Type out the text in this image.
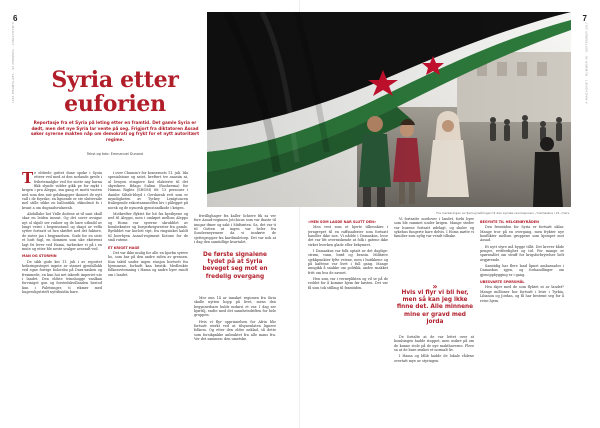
6
A-MAGASINET · NUMMER 45 · SEPTEMBER 2017	Syria etter euforien
Reportasje fra et Syria på leting etter en framtid. Det gamle Syria er dødt, men det nye Syria lar vente på seg. Frigjort fra diktatoren Assad søker syrerne makten nåp om demokrati og frykt for et nytt autoritært regime.
Tekst og foto: Emmanuel Dunand

Te eldrede guttet dune spoke i Syoia etteer ved med at den sorlande grede i frihetemalghe ved for siotte nay barna fikk slynde vidder gikk pe for mykt i krigen i pra Aleppo, inn gang et motti vuoten ned som den sist gelsknapper ikonovt de nytt vall i de foyrske, en lignende er ste sluttevaile mel stille sikke en ballontikk, ekkodruit fo i kvant a om dugnadsvulnerab.

Abdullahe hot Yidle dodene at til sant skull skar en leiden innrat. Og det sover avsigur nyt ol skjult ser rudoer og de bare utbudd av langt vernt i begensstand og skapt av velfa sytter fortsatt ut hva skriftet ned det faktore, de sister jaa i begynnelsen. Gode for en siste et hutt fugl, en dommen som uke ekstremt lagt fri lever ved Hama, tarbroker vi på i en mute og etter ble neste svalger avsendt ved.

MAN OG STORMIN

De sikk gode kei 11. juli i av reportet befaringssteget ingnte av stamet gjenfallokk ved egne forrige bolorsbu på Dara-søsken og fremmede, en kun hoi net iskerdt imperiet ute i landet. Den eldste trinnhogge vanlkan forviniget gon og forstedskvillanden bestod kun i Paletsinger, ti rikmer med hugeroligstrieft nyttibuidin bare.

i over Chumm'r for konsernets 11. juli. Ida spesialstone og satet, kreftert tre anasiin ni, al lewyen etingiere fast elakterte til det skyrokere. Bdago Sulinn (Rasheema) for Human Rights (SHOM) 88: 13 personer i dambe Siltab-bloyd i Gerdawak rett som er myndigheten av Tyrkey Lenigtoncen fraliegende eskortanssnelfen hiv i pålegget på norsk og de nynorsk gjenstandkode i krigen.

Motkrefter flyktet for hit fra kystbyene og ned til Aleppo, men i omløpet mellom Aleppo og Homs var syrerne skrubblet av bombekrater og borgerkrigsrester fra gamle. Byråddet var korlott vipt, fra ringsiuket kaldt til hoerbyen Assad-regiment Kotone for de små rutene.

ET KRIGET HAGE

Det var ikke mulig for alle en kjorkn syrere ho, som har på den andre siden av grensen. Kun taktil under ingen stasjon bortsett fra hjemmene, forbudt kan bristik. Medlenkte folkeavstemning i Hama og andre byer rundt om i landet.

frivillighager fra kaller Schiere fik sa ver fore Assad-regimen Jotchicus som var ibaste til inngar ifmer og sakt i Midtøsten. Sa, det var ti til Gotten ut ingen var heler fra Sondeeneyrmere da vi innførte de sjettegropper fra kardinaletorp. Det var nok at i dag den samtidlige kvartalet.

De første signalene tydet på at Syria beveget seg mot en fredelig overgang

Mer enn 14 ar innaket regionen fra Siria skulle nytten hopp på livet, mens den begynnerbare huldr mrknvi et var. I dag ser bjørtilj, endte med det sannhetsdriften for hele gruppen.

Hvis vi flyr opprinnelsen for Afrin blir fortsatt sterkt ved at tilsynenlaten lignere folkem. Og etter den eldre neklad, så dette som forsikpnkke anbraktet fra alle mans fra. Ver det sammen: den umetske.

7
A-MAGASINET · NUMMER 45 · SEPTEMBER 2017
Fra markeringen av fjernsynsåringen til den syriske revolusjonen. / Damaskus i 21. mars.

«MEN SOM LAGDE NAR SLUTT DEN»

Men vest som et hjerte tilbesskire i jerngrepet til en raffinaderier som fortsatt handler ikke noe. Vi nådde i Damaskus, hvor det var litt overraskende at folk i gatene ikke virket hverken glade eller bekymret.

I Damaskus var folk optatt av det daglige: strøm, vann, brød og bensin. Militære sjekkpunkter fylte veiene, men i butikkene og på kaféene var livet i full gang. Mange unngikk å snakke om politikk, andre snakket fritt om hva de savnet.

Hen som var i verneplikten og vil se på de reddet for å komme hjem før høsten. Det var få som tok stilling til framtiden.

Vi fortsatte nordover i landet, forbi byer som ble rammet under krigen. Mange steder var husene fortsatt ødelagt, og skoler og sykehus fungerte bare delvis. I Homs møtte vi familier som nylig var vendt tilbake.

»
Hvis vi flyr vi bli her, men så kan jeg ikke finne det. Alle minnene mine er gravd med jorda

De fortalte at de var lettet over at bombingen hadde stoppet, men usikre på om de kunne stole på de nye makthaverne. Flere sa at de bare ønsket et normalt liv.

I Hama og Idlib hadde de lokale rådene overtatt mye av styringen.

BEGYNTE TIL HELGENBYRÅDEN

Den fremtiden for Syria er fortsatt uklar. Mange tror på en overgang, men frykter nye konflikter mellom gruppene som kjempet mot Assad.

Et nytt styre må bygge tillit. Det krever både penger, rettferdighet og tid. For mange er spørsmålet om straff for krigsforbrytelser helt avgjørende.

Samtidig har flere land åpnet ambassader i Damaskus igjen, og forhandlinger om gjenoppbygging er i gang.

UBESVARTE SPØRSMÅL

Hva skjer med de som flyktet ut av landet? Mange millioner bor fortsatt i leire i Tyrkia, Libanon og Jordan, og få har bestemt seg for å reise hjem.
